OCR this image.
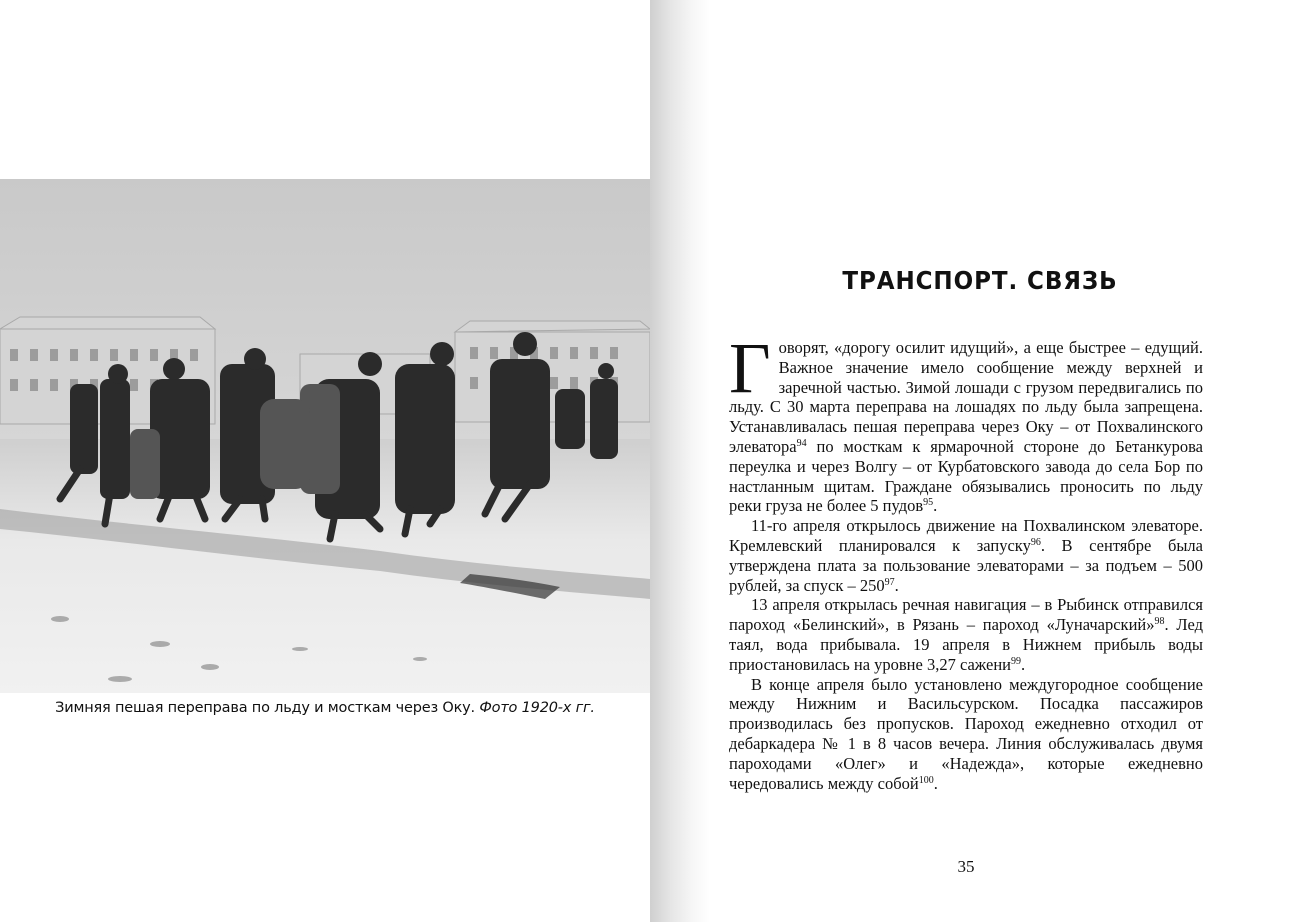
Зимняя пешая переправа по льду и мосткам через Оку. Фото 1920-х гг.
ТРАНСПОРТ. СВЯЗЬ

Говорят, «дорогу осилит идущий», а еще быстрее – едущий. Важное значение имело сообщение между верхней и заречной частью. Зимой лошади с грузом передвигались по льду. С 30 марта переправа на лошадях по льду была запрещена. Устанавливалась пешая переправа через Оку – от Похвалинского элеватора$^{94}$ по мосткам к ярмарочной стороне до Бетанкурова переулка и через Волгу – от Курбатовского завода до села Бор по настланным щитам. Граждане обязывались проносить по льду реки груза не более 5 пудов$^{95}$.

11-го апреля открылось движение на Похвалинском элеваторе. Кремлевский планировался к запуску$^{96}$. В сентябре была утверждена плата за пользование элеваторами – за подъем – 500 рублей, за спуск – $250^{97}$.

13 апреля открылась речная навигация – в Рыбинск отправился пароход «Белинский», в Рязань – пароход «Луначарский»$^{98}$. Лед таял, вода прибывала. 19 апреля в Нижнем прибыль воды приостановилась на уровне 3,27 сажени$^{99}$.

В конце апреля было установлено междугородное сообщение между Нижним и Васильсурском. Посадка пассажиров производилась без пропусков. Пароход ежедневно отходил от дебаркадера № 1 в 8 часов вечера. Линия обслуживалась двумя пароходами «Олег» и «Надежда», которые ежедневно чередовались между собой$^{100}$.

35
